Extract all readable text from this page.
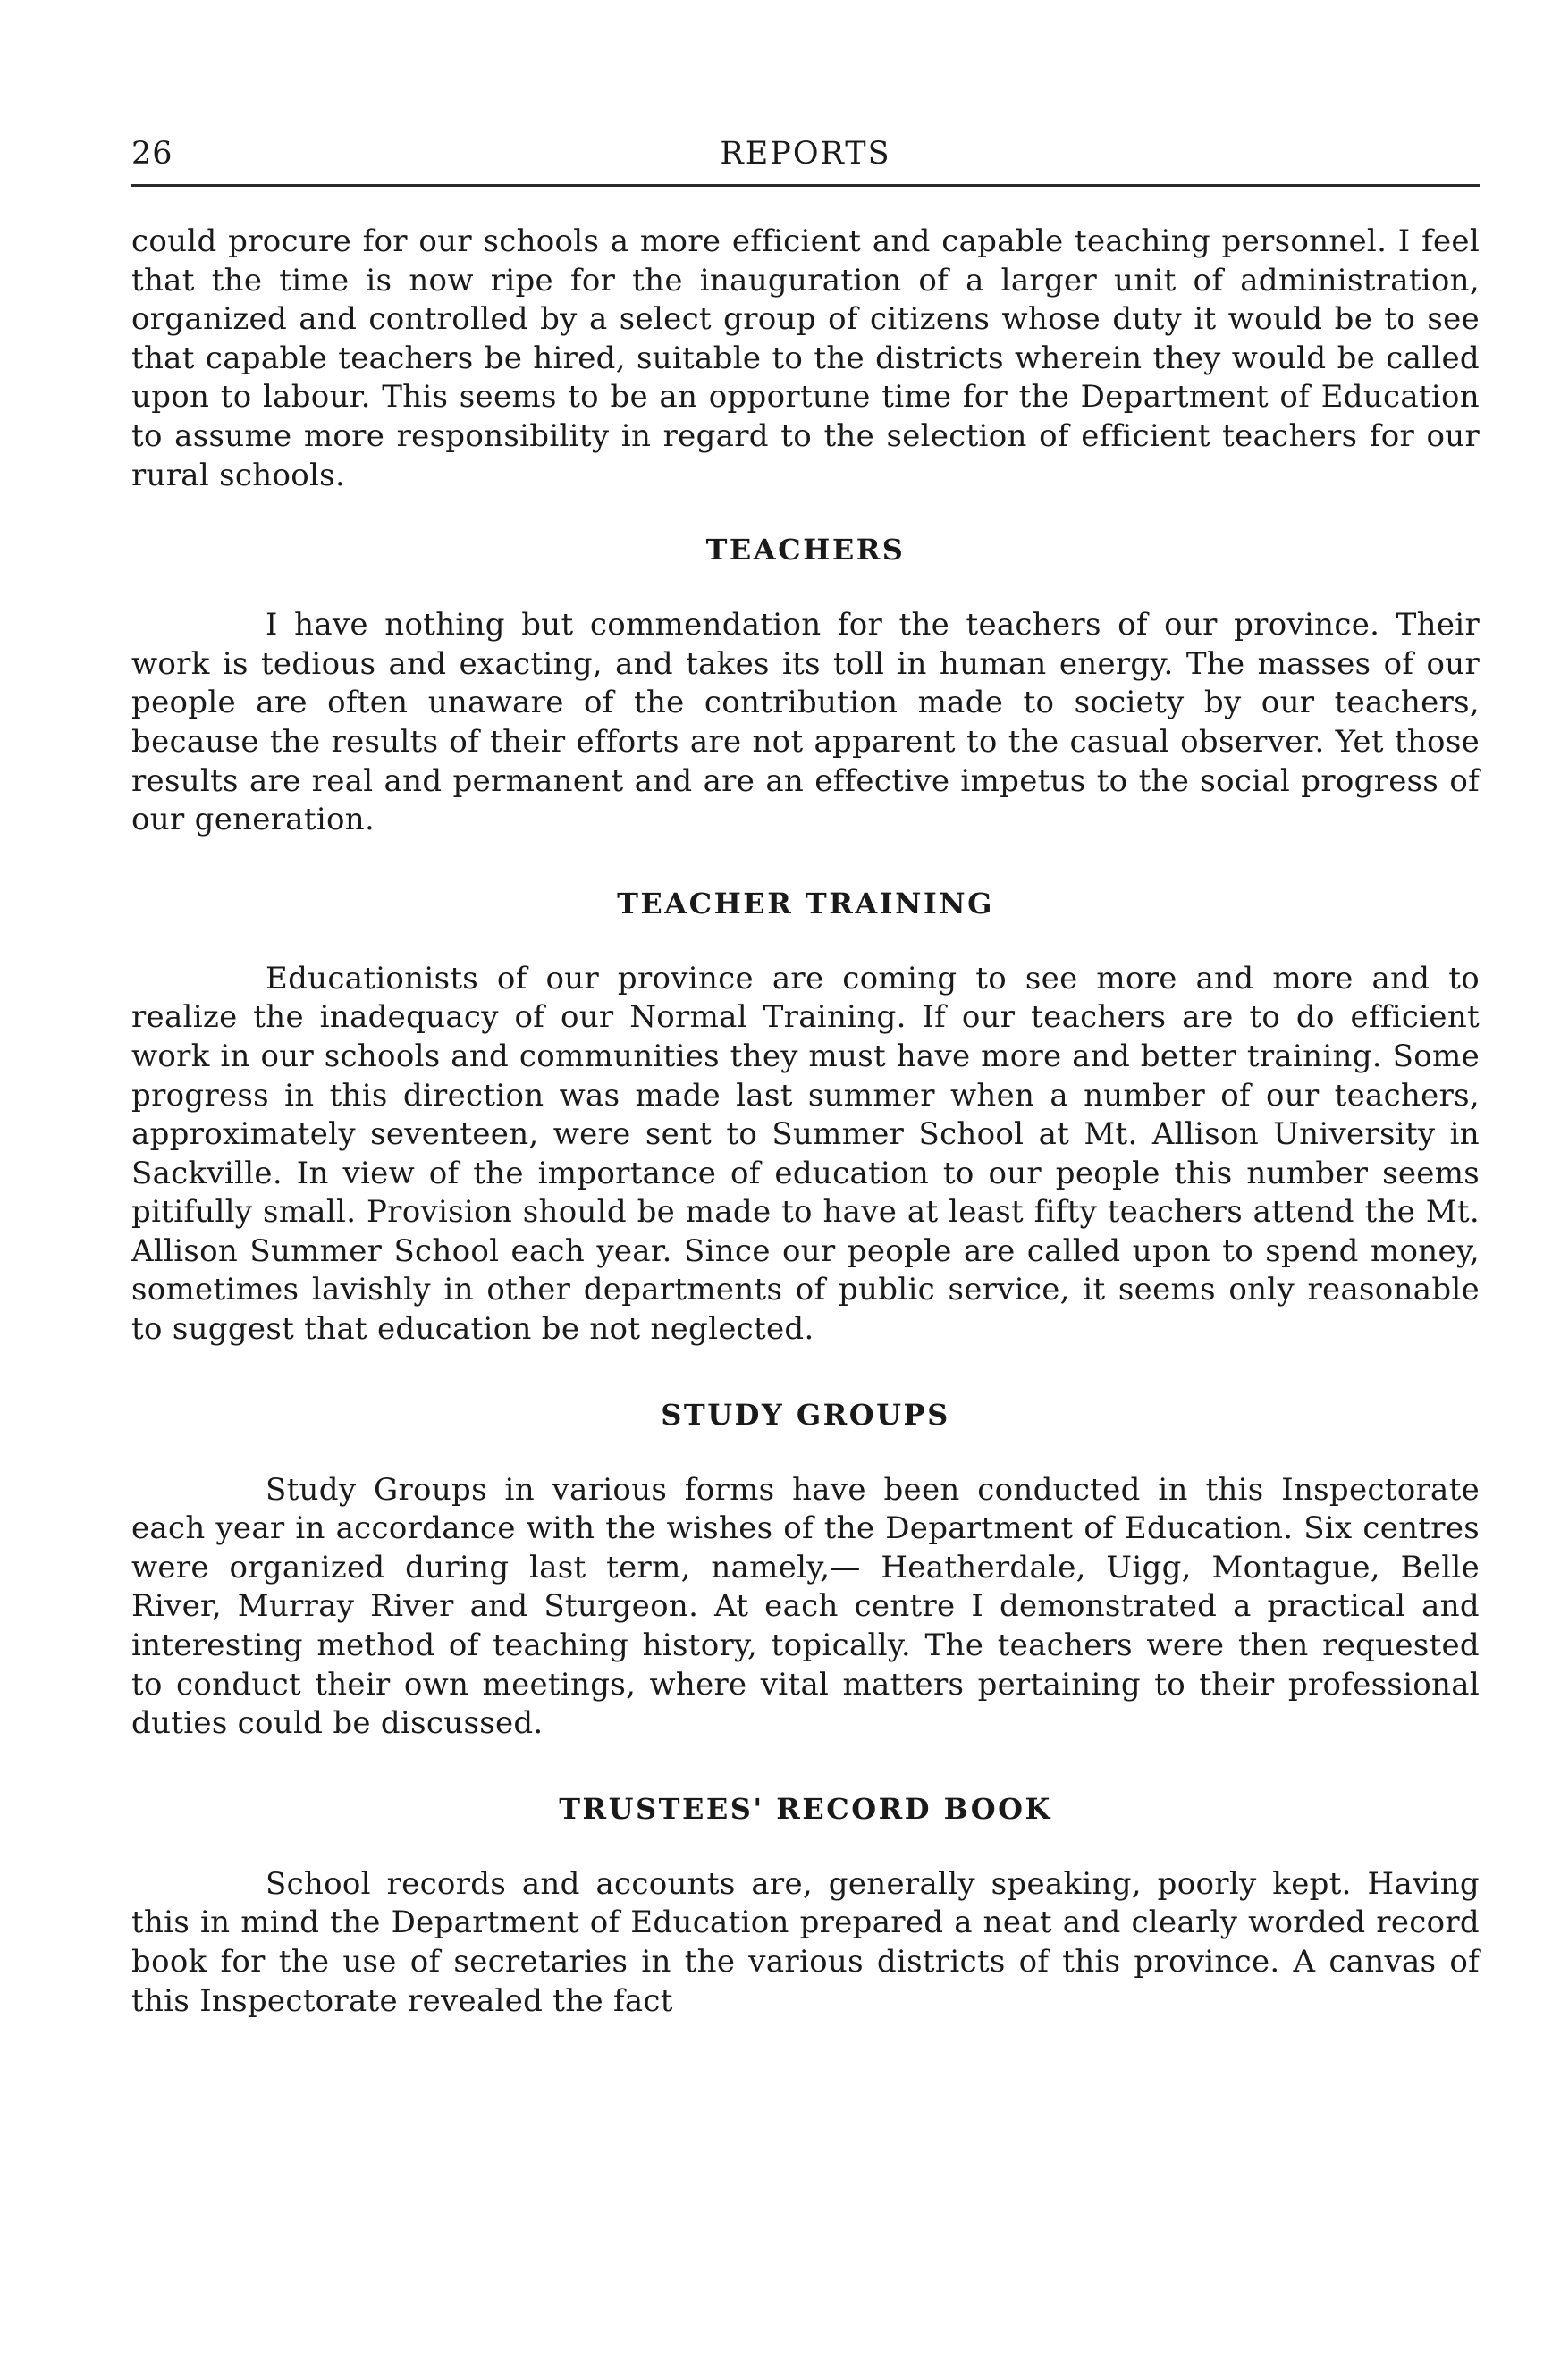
26	REPORTS

could procure for our schools a more efficient and capable teaching personnel. I feel that the time is now ripe for the inauguration of a larger unit of administration, organized and controlled by a select group of citizens whose duty it would be to see that capable teachers be hired, suitable to the districts wherein they would be called upon to labour. This seems to be an opportune time for the Department of Education to assume more responsibility in regard to the selection of efficient teachers for our rural schools.

TEACHERS

I have nothing but commendation for the teachers of our province. Their work is tedious and exacting, and takes its toll in human energy. The masses of our people are often unaware of the contribution made to society by our teachers, because the results of their efforts are not apparent to the casual observer. Yet those results are real and permanent and are an effective impetus to the social progress of our generation.

TEACHER TRAINING

Educationists of our province are coming to see more and more and to realize the inadequacy of our Normal Training. If our teachers are to do efficient work in our schools and communities they must have more and better training. Some progress in this direction was made last summer when a number of our teachers, approximately seventeen, were sent to Summer School at Mt. Allison University in Sackville. In view of the importance of education to our people this number seems pitifully small. Provision should be made to have at least fifty teachers attend the Mt. Allison Summer School each year. Since our people are called upon to spend money, sometimes lavishly in other departments of public service, it seems only reasonable to suggest that education be not neglected.

STUDY GROUPS

Study Groups in various forms have been conducted in this Inspectorate each year in accordance with the wishes of the Department of Education. Six centres were organized during last term, namely,— Heatherdale, Uigg, Montague, Belle River, Murray River and Sturgeon. At each centre I demonstrated a practical and interesting method of teaching history, topically. The teachers were then requested to conduct their own meetings, where vital matters pertaining to their professional duties could be discussed.

TRUSTEES' RECORD BOOK

School records and accounts are, generally speaking, poorly kept. Having this in mind the Department of Education prepared a neat and clearly worded record book for the use of secretaries in the various districts of this province. A canvas of this Inspectorate revealed the fact
